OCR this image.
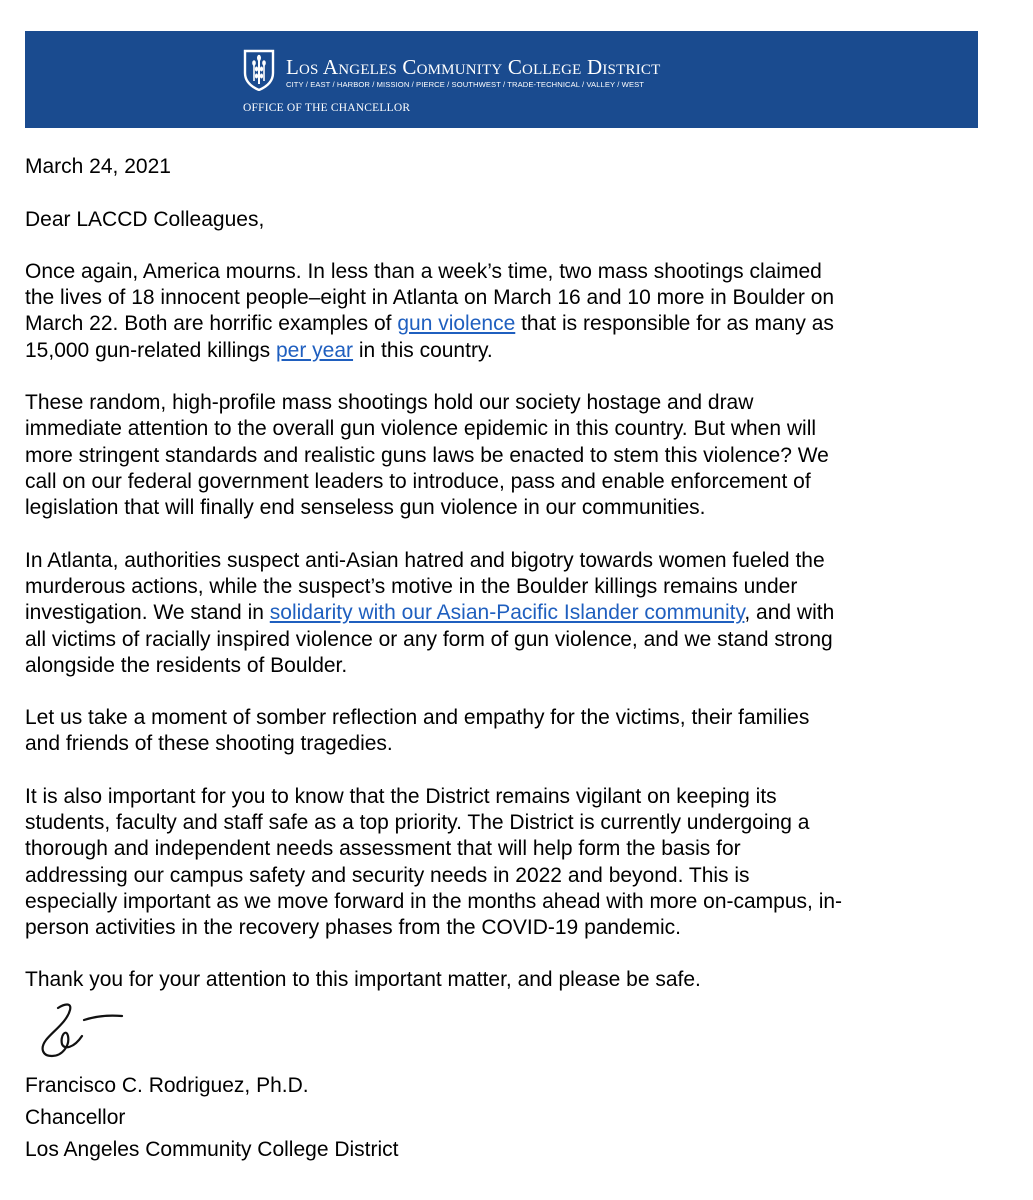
Los Angeles Community College District
CITY / EAST / HARBOR / MISSION / PIERCE / SOUTHWEST / TRADE-TECHNICAL / VALLEY / WEST
OFFICE OF THE CHANCELLOR
March 24, 2021
Dear LACCD Colleagues,
Once again, America mourns. In less than a week’s time, two mass shootings claimed
the lives of 18 innocent people–eight in Atlanta on March 16 and 10 more in Boulder on
March 22. Both are horrific examples of gun violence that is responsible for as many as
15,000 gun-related killings per year in this country.
These random, high-profile mass shootings hold our society hostage and draw
immediate attention to the overall gun violence epidemic in this country. But when will
more stringent standards and realistic guns laws be enacted to stem this violence? We
call on our federal government leaders to introduce, pass and enable enforcement of
legislation that will finally end senseless gun violence in our communities.
In Atlanta, authorities suspect anti-Asian hatred and bigotry towards women fueled the
murderous actions, while the suspect’s motive in the Boulder killings remains under
investigation. We stand in solidarity with our Asian-Pacific Islander community, and with
all victims of racially inspired violence or any form of gun violence, and we stand strong
alongside the residents of Boulder.
Let us take a moment of somber reflection and empathy for the victims, their families
and friends of these shooting tragedies.
It is also important for you to know that the District remains vigilant on keeping its
students, faculty and staff safe as a top priority. The District is currently undergoing a
thorough and independent needs assessment that will help form the basis for
addressing our campus safety and security needs in 2022 and beyond. This is
especially important as we move forward in the months ahead with more on-campus, in-
person activities in the recovery phases from the COVID-19 pandemic.
Thank you for your attention to this important matter, and please be safe.
Francisco C. Rodriguez, Ph.D.
Chancellor
Los Angeles Community College District
